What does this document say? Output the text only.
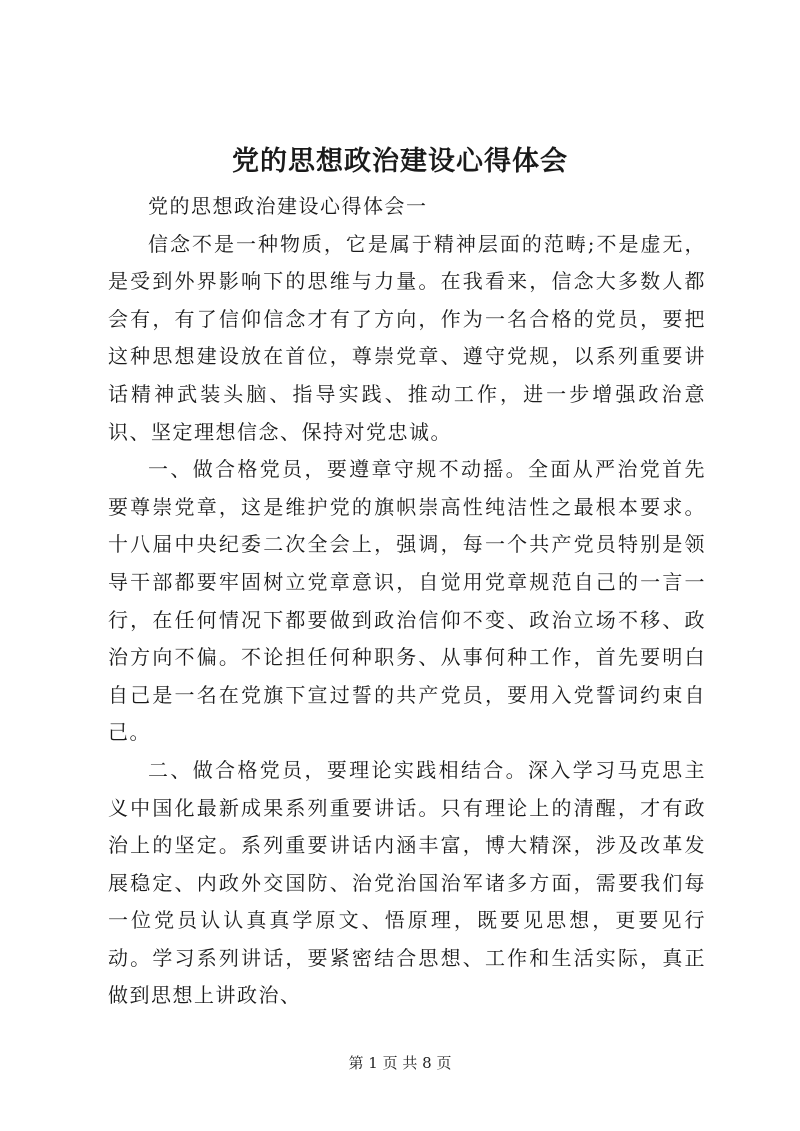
党的思想政治建设心得体会

党的思想政治建设心得体会一

信念不是一种物质，它是属于精神层面的范畴;不是虚无，是受到外界影响下的思维与力量。在我看来，信念大多数人都会有，有了信仰信念才有了方向，作为一名合格的党员，要把这种思想建设放在首位，尊崇党章、遵守党规，以系列重要讲话精神武装头脑、指导实践、推动工作，进一步增强政治意识、坚定理想信念、保持对党忠诚。

一、做合格党员，要遵章守规不动摇。全面从严治党首先要尊崇党章，这是维护党的旗帜崇高性纯洁性之最根本要求。十八届中央纪委二次全会上，强调，每一个共产党员特别是领导干部都要牢固树立党章意识，自觉用党章规范自己的一言一行，在任何情况下都要做到政治信仰不变、政治立场不移、政治方向不偏。不论担任何种职务、从事何种工作，首先要明白自己是一名在党旗下宣过誓的共产党员，要用入党誓词约束自己。

二、做合格党员，要理论实践相结合。深入学习马克思主义中国化最新成果系列重要讲话。只有理论上的清醒，才有政治上的坚定。系列重要讲话内涵丰富，博大精深，涉及改革发展稳定、内政外交国防、治党治国治军诸多方面，需要我们每一位党员认认真真学原文、悟原理，既要见思想，更要见行动。学习系列讲话，要紧密结合思想、工作和生活实际，真正做到思想上讲政治、

第 1 页 共 8 页
